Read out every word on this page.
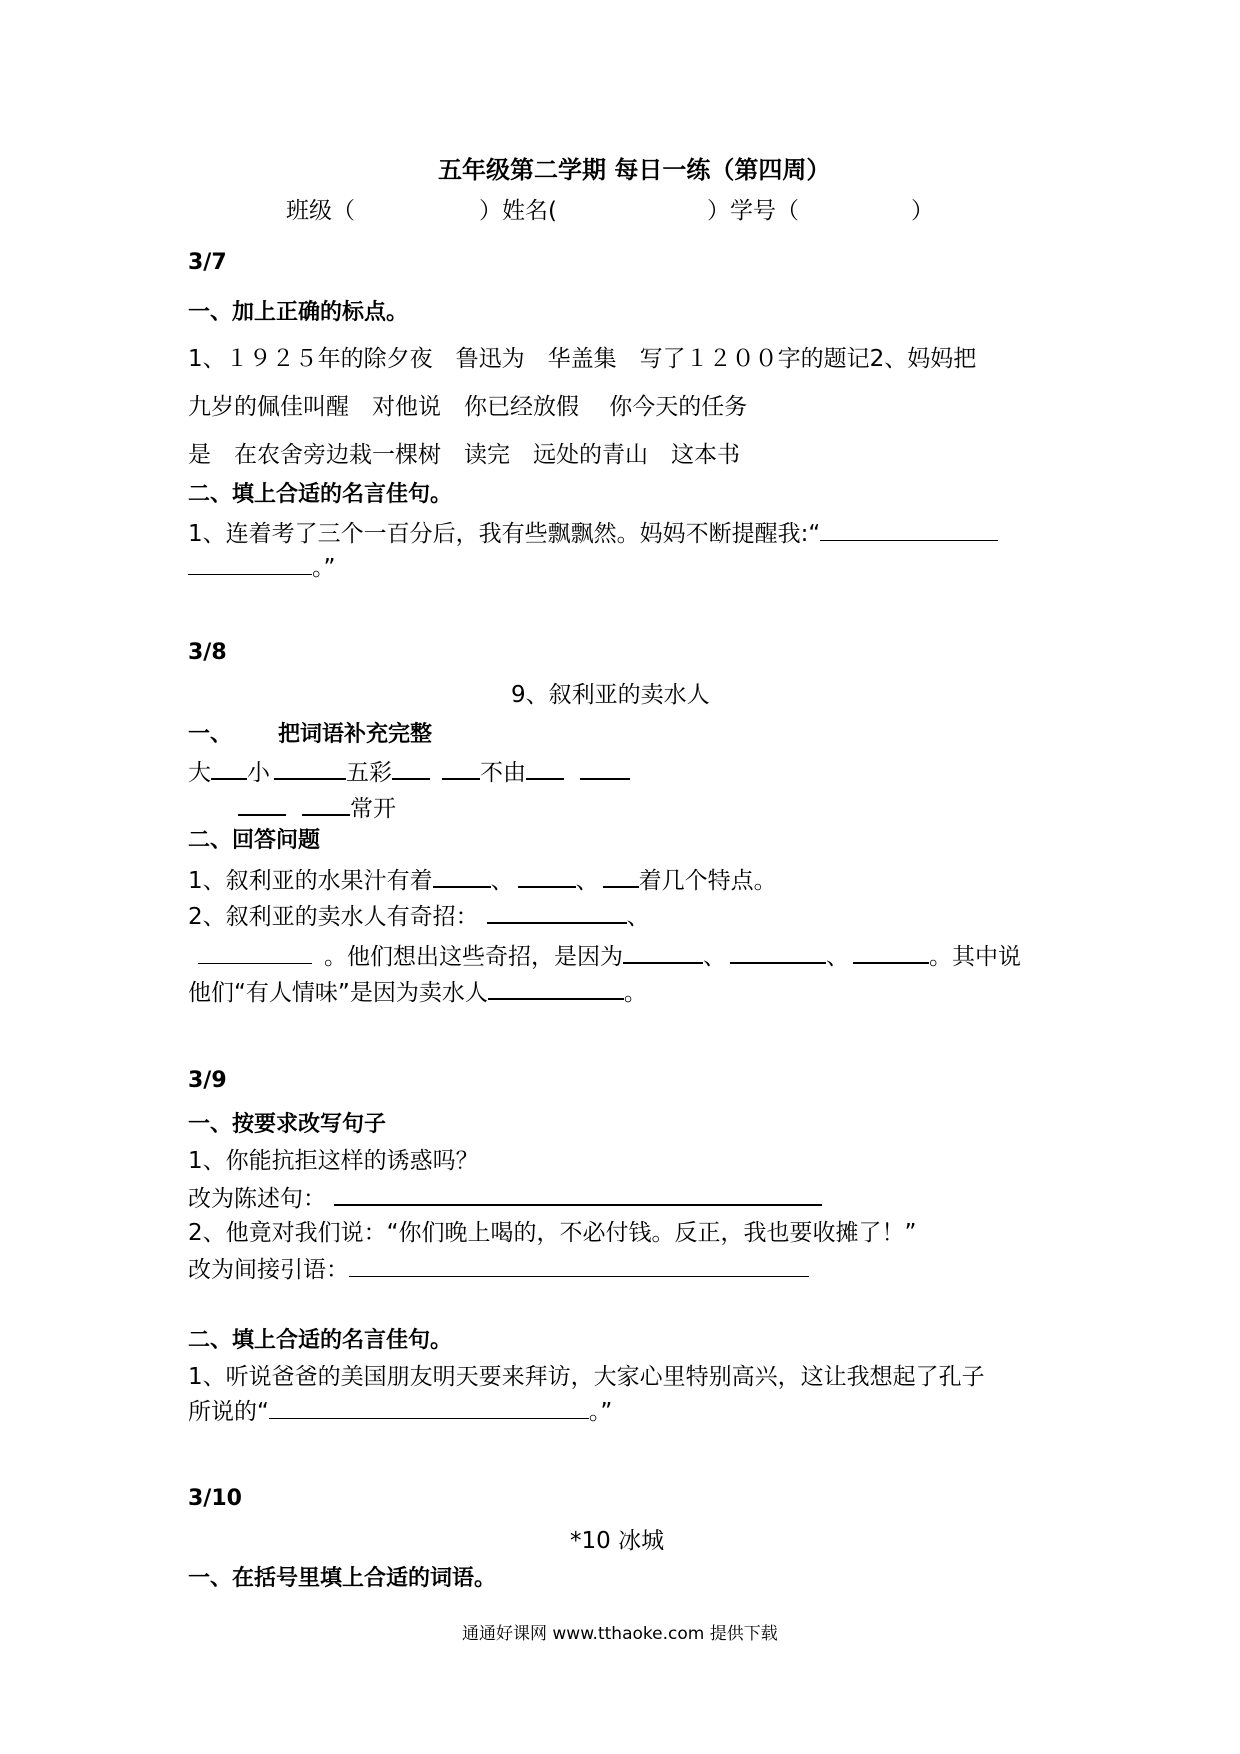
五年级第二学期 每日一练（第四周）
班级（	）姓名(	）学号（	）
3/7
一、加上正确的标点。
1、１９２５年的除夕夜　鲁迅为　华盖集　写了１２００字的题记2、妈妈把
九岁的佩佳叫醒　对他说　你已经放假　 你今天的任务
是　在农舍旁边栽一棵树　读完　远处的青山　这本书
二、填上合适的名言佳句。
1、连着考了三个一百分后，我有些飘飘然。妈妈不断提醒我:“
。”
3/8
9、叙利亚的卖水人
一、 把词语补充完整
大 小	五彩	不由
常开
二、回答问题
1、叙利亚的水果汁有着	、	、 着几个特点。
2、叙利亚的卖水人有奇招：	、
。他们想出这些奇招，是因为	、	、	。其中说
他们“有人情味”是因为卖水人	。
3/9
一、按要求改写句子
1、你能抗拒这样的诱惑吗？
改为陈述句：
2、他竟对我们说：“你们晚上喝的，不必付钱。反正，我也要收摊了！”
改为间接引语：
二、填上合适的名言佳句。
1、听说爸爸的美国朋友明天要来拜访，大家心里特别高兴，这让我想起了孔子
所说的“	。”
3/10
*10 冰城
一、在括号里填上合适的词语。
通通好课网 www.tthaoke.com 提供下载
